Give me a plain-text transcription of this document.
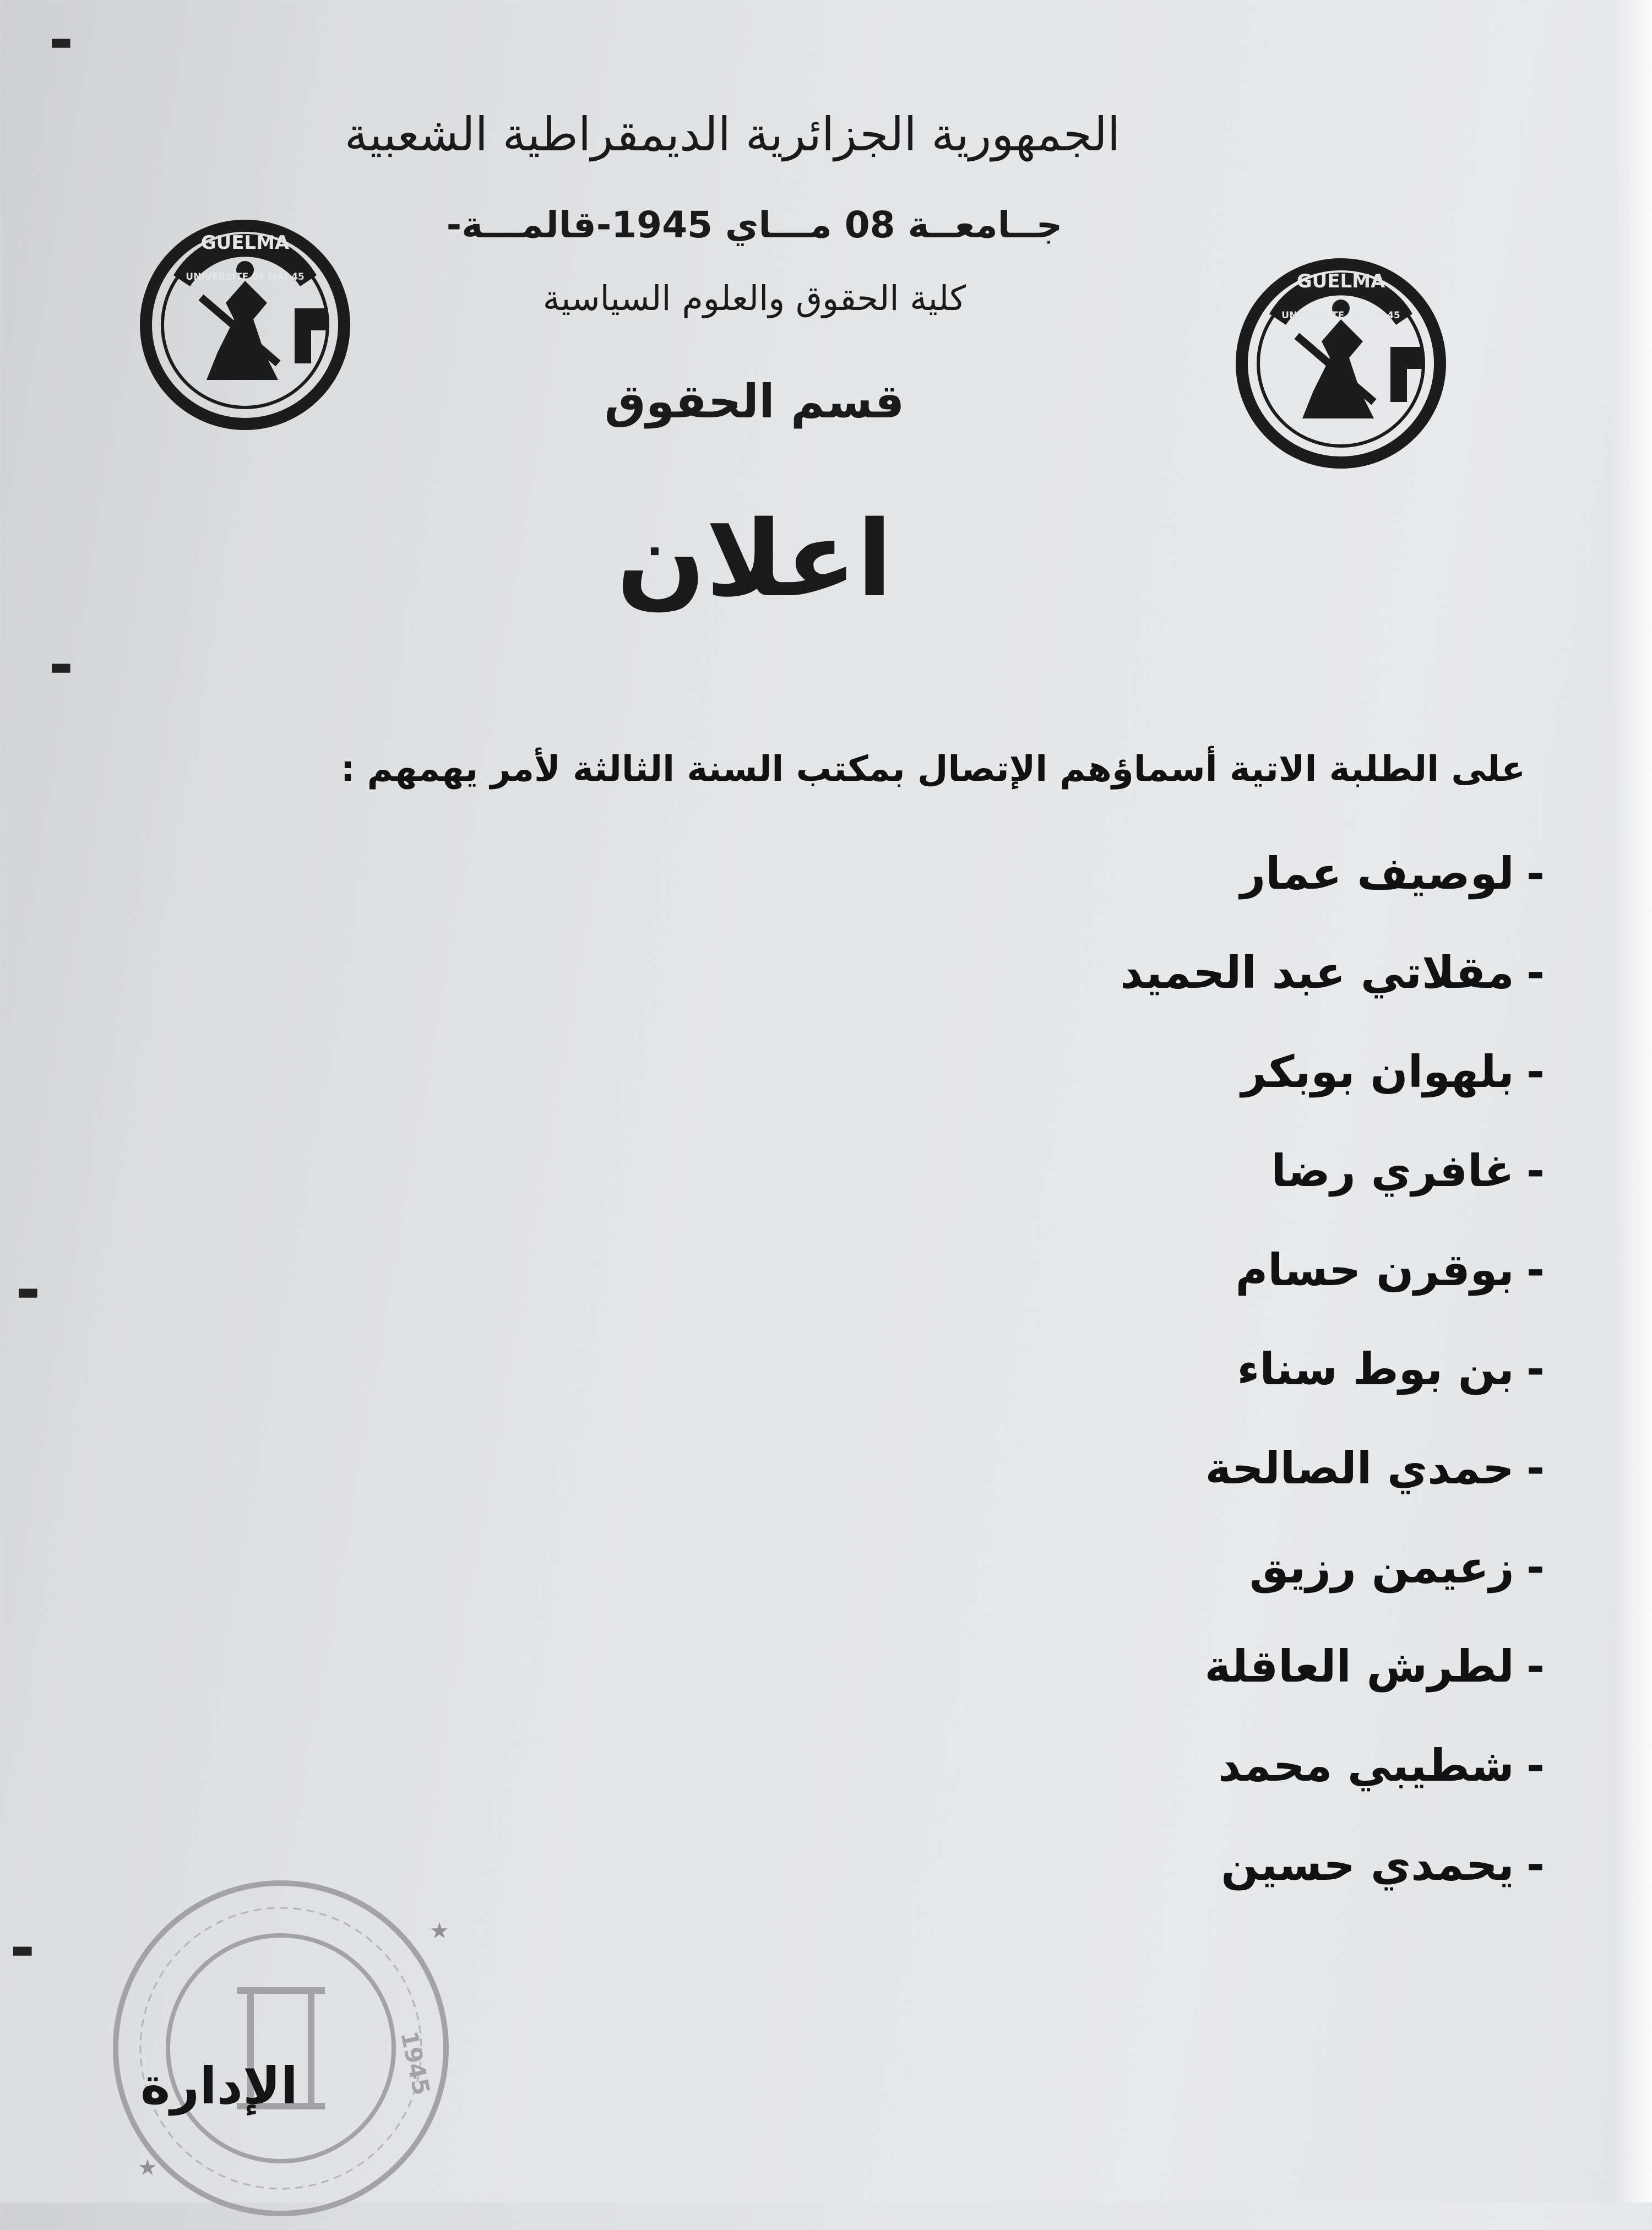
▬
▬
▬
▬
الجمهورية الجزائرية الديمقراطية الشعبية
جــامعــة 08 مـــاي 1945-قالمـــة-
كلية الحقوق والعلوم السياسية
قسم الحقوق
اعلان
GUELMA
UNIVERSITE 08 MAI 45	GUELMA
UNIVERSITE 08 MAI 45
على الطلبة الاتية أسماؤهم الإتصال بمكتب السنة الثالثة لأمر يهمهم :
-لوصيف عمار
-مقلاتي عبد الحميد
-بلهوان بوبكر
-غافري رضا
-بوقرن حسام
-بن بوط سناء
-حمدي الصالحة
-زعيمن رزيق
-لطرش العاقلة
-شطيبي محمد
-يحمدي حسين
1945
★
★
الإدارة
